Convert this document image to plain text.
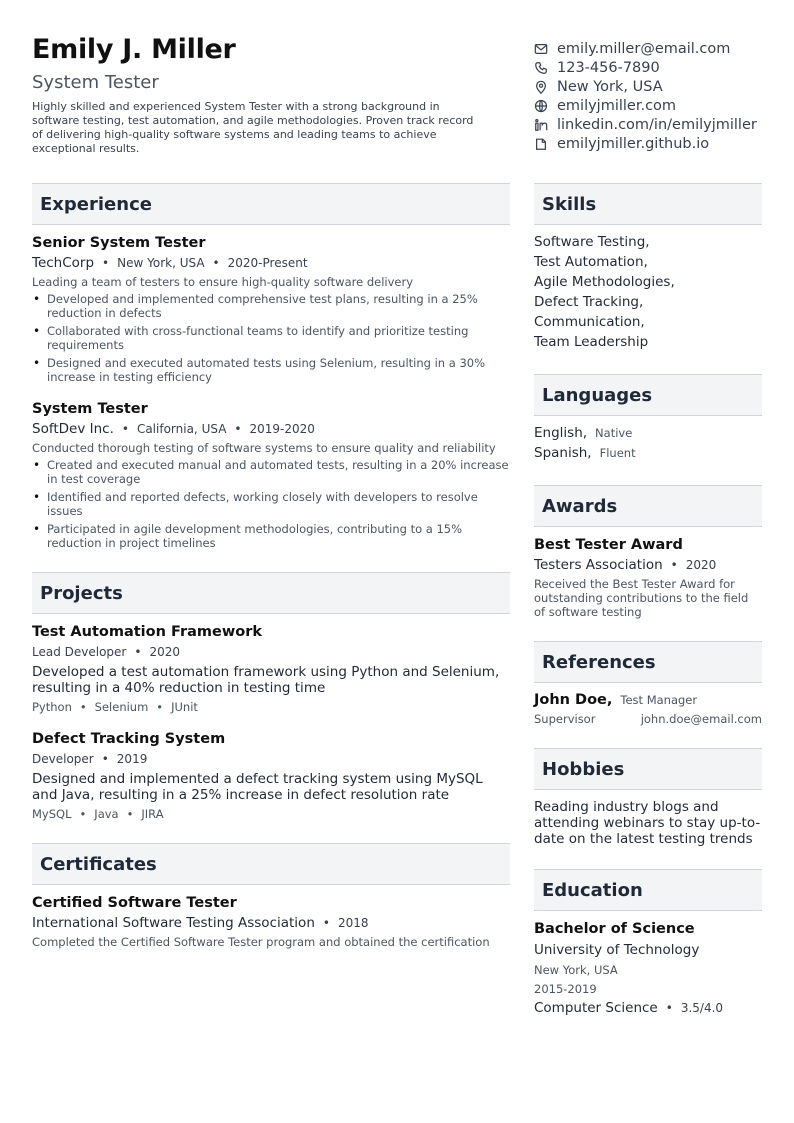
Emily J. Miller
System Tester
Highly skilled and experienced System Tester with a strong background in software testing, test automation, and agile methodologies. Proven track record of delivering high-quality software systems and leading teams to achieve exceptional results.
emily.miller@email.com
123-456-7890
New York, USA
emilyjmiller.com
linkedin.com/in/emilyjmiller
emilyjmiller.github.io
Experience
Senior System Tester
TechCorp • New York, USA • 2020-Present
Leading a team of testers to ensure high-quality software delivery
• Developed and implemented comprehensive test plans, resulting in a 25% reduction in defects
• Collaborated with cross-functional teams to identify and prioritize testing requirements
• Designed and executed automated tests using Selenium, resulting in a 30% increase in testing efficiency
System Tester
SoftDev Inc. • California, USA • 2019-2020
Conducted thorough testing of software systems to ensure quality and reliability
• Created and executed manual and automated tests, resulting in a 20% increase in test coverage
• Identified and reported defects, working closely with developers to resolve issues
• Participated in agile development methodologies, contributing to a 15% reduction in project timelines
Projects
Test Automation Framework
Lead Developer • 2020
Developed a test automation framework using Python and Selenium, resulting in a 40% reduction in testing time
Python • Selenium • JUnit
Defect Tracking System
Developer • 2019
Designed and implemented a defect tracking system using MySQL and Java, resulting in a 25% increase in defect resolution rate
MySQL • Java • JIRA
Certificates
Certified Software Tester
International Software Testing Association • 2018
Completed the Certified Software Tester program and obtained the certification
Skills
Software Testing,
Test Automation,
Agile Methodologies,
Defect Tracking,
Communication,
Team Leadership
Languages
English, Native
Spanish, Fluent
Awards
Best Tester Award
Testers Association • 2020
Received the Best Tester Award for outstanding contributions to the field of software testing
References
John Doe, Test Manager
Supervisor	john.doe@email.com
Hobbies
Reading industry blogs and attending webinars to stay up-to-date on the latest testing trends
Education
Bachelor of Science
University of Technology
New York, USA
2015-2019
Computer Science • 3.5/4.0
